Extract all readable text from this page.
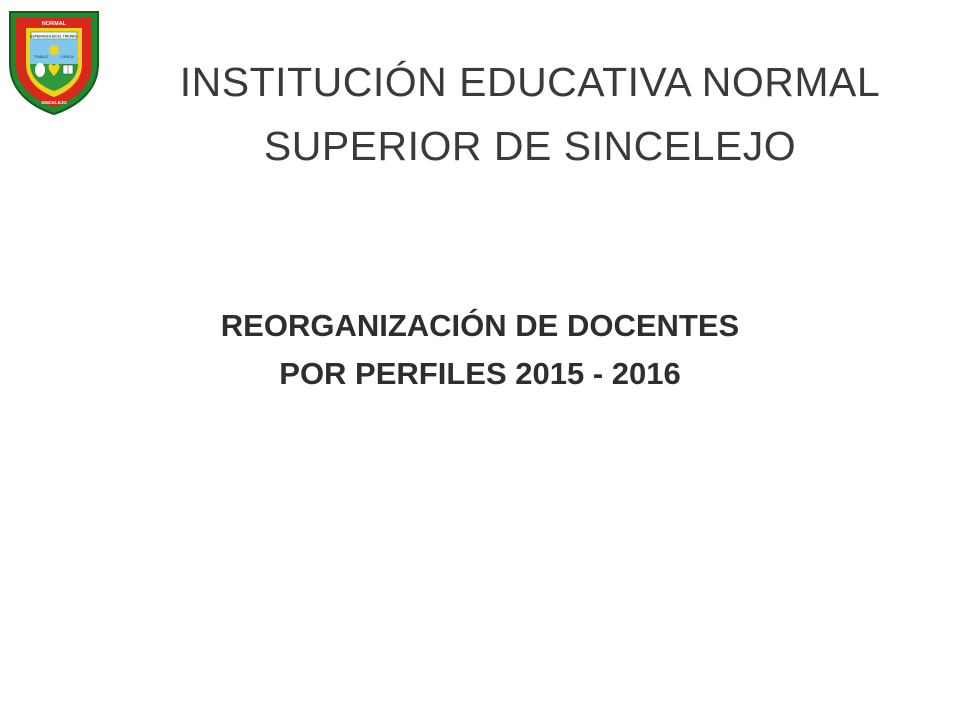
NORMAL
ESPERANZA EN EL TRIUNFO
TRABAJO	CIENCIA
SINCELEJO	INSTITUCIÓN EDUCATIVA NORMAL
SUPERIOR DE SINCELEJO
REORGANIZACIÓN DE DOCENTES
POR PERFILES 2015 - 2016
